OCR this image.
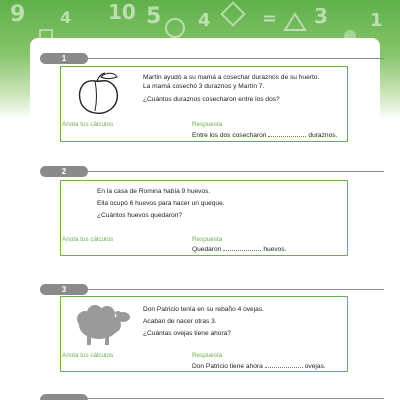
9 4 10 5 4	= 3 1
1
Martín ayudó a su mamá a cosechar duraznos de su huerto.
La mamá cosechó 3 duraznos y Martín 7.
¿Cuántos duraznos cosecharon entre los dos?
Anota tus cálculos	Respuesta
Entre los dos cosecharon	duraznos.
2
En la casa de Romina había 9 huevos.
Ella ocupó 6 huevos para hacer un queque.
¿Cuántos huevos quedaron?
Anota tus cálculos	Respuesta
Quedaron	huevos.
3
Don Patricio tenía en su rebaño 4 ovejas.
Acaban de nacer otras 3.
¿Cuántas ovejas tiene ahora?
Anota tus cálculos	Respuesta
Don Patricio tiene ahora	ovejas.
